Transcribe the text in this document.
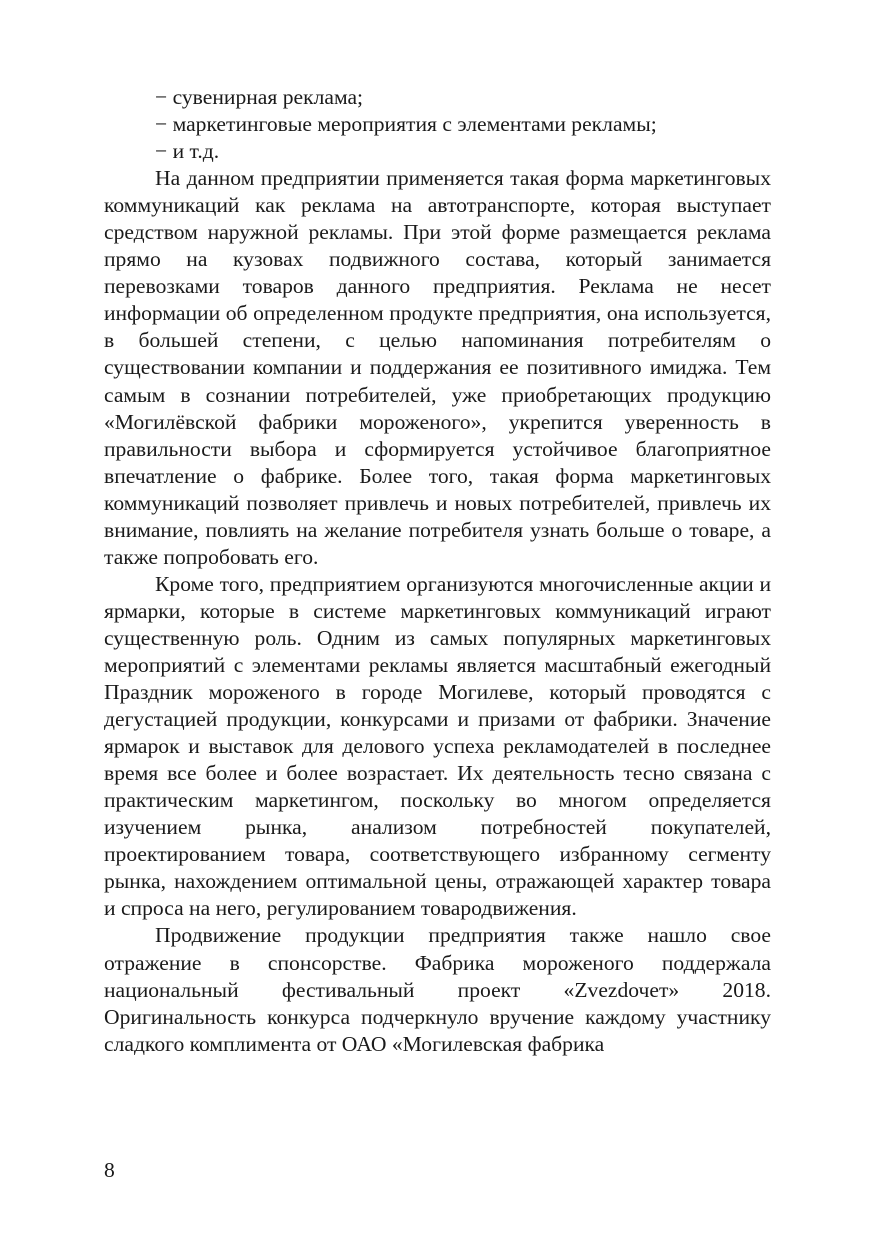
− сувенирная реклама;

− маркетинговые мероприятия с элементами рекламы;

− и т.д.

На данном предприятии применяется такая форма маркетинговых коммуникаций как реклама на автотранспорте, которая выступает средством наружной рекламы. При этой форме размещается реклама прямо на кузовах подвижного состава, который занимается перевозками товаров данного предприятия. Реклама не несет информации об определенном продукте предприятия, она используется, в большей степени, с целью напоминания потребителям о существовании компании и поддержания ее позитивного имиджа. Тем самым в сознании потребителей, уже приобретающих продукцию «Могилёвской фабрики мороженого», укрепится уверенность в правильности выбора и сформируется устойчивое благоприятное впечатление о фабрике. Более того, такая форма маркетинговых коммуникаций позволяет привлечь и новых потребителей, привлечь их внимание, повлиять на желание потребителя узнать больше о товаре, а также попробовать его.

Кроме того, предприятием организуются многочисленные акции и ярмарки, которые в системе маркетинговых коммуникаций играют существенную роль. Одним из самых популярных маркетинговых мероприятий с элементами рекламы является масштабный ежегодный Праздник мороженого в городе Могилеве, который проводятся с дегустацией продукции, конкурсами и призами от фабрики. Значение ярмарок и выставок для делового успеха рекламодателей в последнее время все более и более возрастает. Их деятельность тесно связана с практическим маркетингом, поскольку во многом определяется изучением рынка, анализом потребностей покупателей, проектированием товара, соответствующего избранному сегменту рынка, нахождением оптимальной цены, отражающей характер товара и спроса на него, регулированием товародвижения.

Продвижение продукции предприятия также нашло свое отражение в спонсорстве. Фабрика мороженого поддержала национальный фестивальный проект «Zvezdочет» 2018. Оригинальность конкурса подчеркнуло вручение каждому участнику сладкого комплимента от ОАО «Могилевская фабрика

8
